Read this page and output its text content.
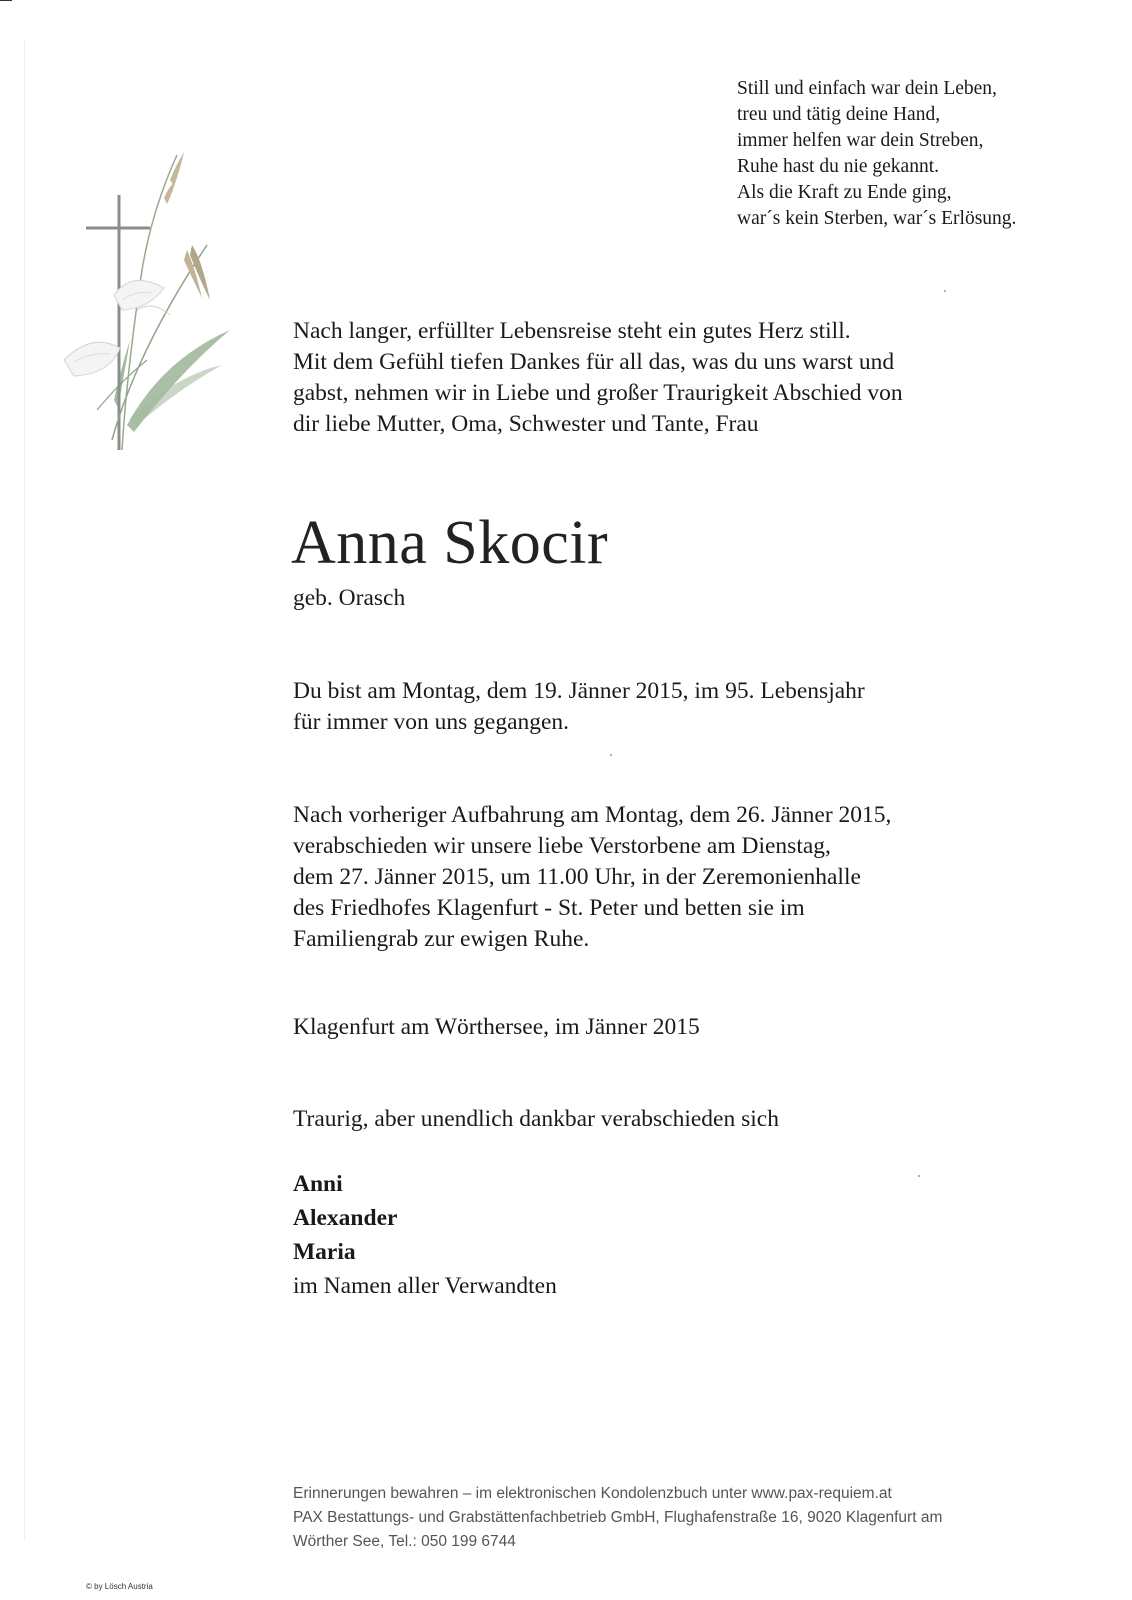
Still und einfach war dein Leben,
treu und tätig deine Hand,
immer helfen war dein Streben,
Ruhe hast du nie gekannt.
Als die Kraft zu Ende ging,
war´s kein Sterben, war´s Erlösung.
Nach langer, erfüllter Lebensreise steht ein gutes Herz still.
Mit dem Gefühl tiefen Dankes für all das, was du uns warst und
gabst, nehmen wir in Liebe und großer Traurigkeit Abschied von
dir liebe Mutter, Oma, Schwester und Tante, Frau
Anna Skocir
geb. Orasch
Du bist am Montag, dem 19. Jänner 2015, im 95. Lebensjahr
für immer von uns gegangen.
Nach vorheriger Aufbahrung am Montag, dem 26. Jänner 2015,
verabschieden wir unsere liebe Verstorbene am Dienstag,
dem 27. Jänner 2015, um 11.00 Uhr, in der Zeremonienhalle
des Friedhofes Klagenfurt - St. Peter und betten sie im
Familiengrab zur ewigen Ruhe.
Klagenfurt am Wörthersee, im Jänner 2015
Traurig, aber unendlich dankbar verabschieden sich
Anni
Alexander
Maria
im Namen aller Verwandten
Erinnerungen bewahren – im elektronischen Kondolenzbuch unter www.pax-requiem.at
PAX Bestattungs- und Grabstättenfachbetrieb GmbH, Flughafenstraße 16, 9020 Klagenfurt am
Wörther See, Tel.: 050 199 6744
© by Lösch Austria
